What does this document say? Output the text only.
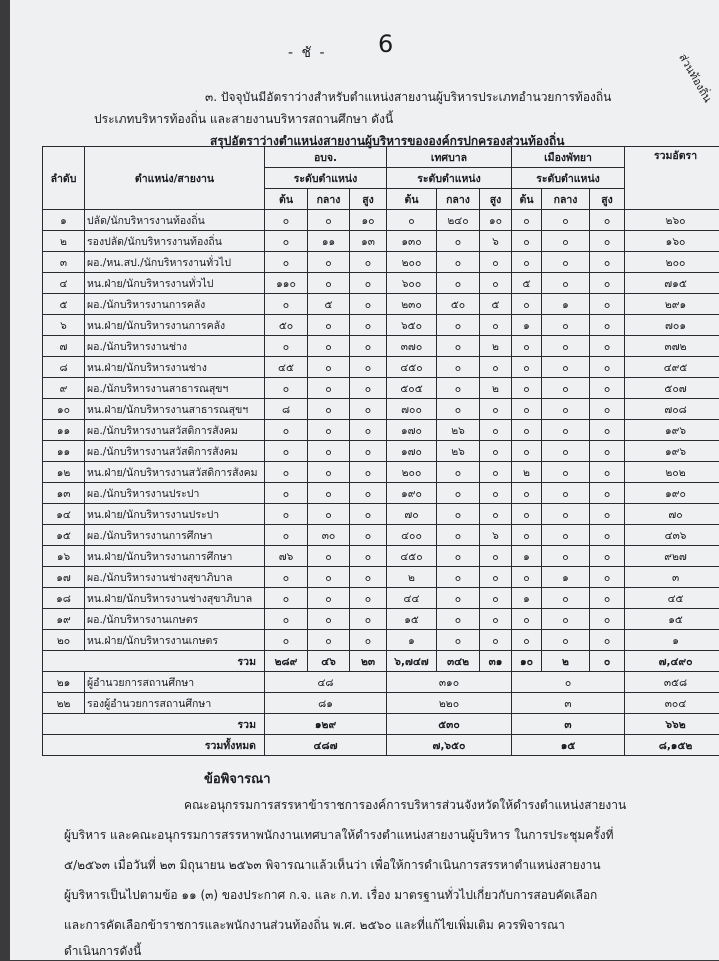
ส่วนท้องถิ่น
- ชั - 6
๓. ปัจจุบันมีอัตราว่างสำหรับตำแหน่งสายงานผู้บริหารประเภทอำนวยการท้องถิ่น
ประเภทบริหารท้องถิ่น และสายงานบริหารสถานศึกษา ดังนี้
สรุปอัตราว่างตำแหน่งสายงานผู้บริหารขององค์กรปกครองส่วนท้องถิ่น
ลำดับ	ตำแหน่ง/สายงาน	อบจ.			เทศบาล			เมืองพัทยา			รวมอัตรา
		ระดับตำแหน่ง			ระดับตำแหน่ง			ระดับตำแหน่ง			
		ต้น	กลาง	สูง	ต้น	กลาง	สูง	ต้น	กลาง	สูง	
๑	ปลัด/นักบริหารงานท้องถิ่น	๐	๐	๑๐	๐	๒๔๐	๑๐	๐	๐	๐	๒๖๐
๒	รองปลัด/นักบริหารงานท้องถิ่น	๐	๑๑	๑๓	๑๓๐	๐	๖	๐	๐	๐	๑๖๐
๓	ผอ./หน.สป./นักบริหารงานทั่วไป	๐	๐	๐	๒๐๐	๐	๐	๐	๐	๐	๒๐๐
๔	หน.ฝ่าย/นักบริหารงานทั่วไป	๑๑๐	๐	๐	๖๐๐	๐	๐	๕	๐	๐	๗๑๕
๕	ผอ./นักบริหารงานการคลัง	๐	๕	๐	๒๓๐	๕๐	๕	๐	๑	๐	๒๙๑
๖	หน.ฝ่าย/นักบริหารงานการคลัง	๕๐	๐	๐	๖๕๐	๐	๐	๑	๐	๐	๗๐๑
๗	ผอ./นักบริหารงานช่าง	๐	๐	๐	๓๗๐	๐	๒	๐	๐	๐	๓๗๒
๘	หน.ฝ่าย/นักบริหารงานช่าง	๔๕	๐	๐	๔๕๐	๐	๐	๐	๐	๐	๔๙๕
๙	ผอ./นักบริหารงานสาธารณสุขฯ	๐	๐	๐	๕๐๕	๐	๒	๐	๐	๐	๕๐๗
๑๐	หน.ฝ่าย/นักบริหารงานสาธารณสุขฯ	๘	๐	๐	๗๐๐	๐	๐	๐	๐	๐	๗๐๘
๑๑	ผอ./นักบริหารงานสวัสดิการสังคม	๐	๐	๐	๑๗๐	๒๖	๐	๐	๐	๐	๑๙๖
๑๑	ผอ./นักบริหารงานสวัสดิการสังคม	๐	๐	๐	๑๗๐	๒๖	๐	๐	๐	๐	๑๙๖
๑๒	หน.ฝ่าย/นักบริหารงานสวัสดิการสังคม	๐	๐	๐	๒๐๐	๐	๐	๒	๐	๐	๒๐๒
๑๓	ผอ./นักบริหารงานประปา	๐	๐	๐	๑๙๐	๐	๐	๐	๐	๐	๑๙๐
๑๔	หน.ฝ่าย/นักบริหารงานประปา	๐	๐	๐	๗๐	๐	๐	๐	๐	๐	๗๐
๑๕	ผอ./นักบริหารงานการศึกษา	๐	๓๐	๐	๔๐๐	๐	๖	๐	๐	๐	๔๓๖
๑๖	หน.ฝ่าย/นักบริหารงานการศึกษา	๗๖	๐	๐	๔๕๐	๐	๐	๑	๐	๐	๙๒๗
๑๗	ผอ./นักบริหารงานช่างสุขาภิบาล	๐	๐	๐	๒	๐	๐	๐	๑	๐	๓
๑๘	หน.ฝ่าย/นักบริหารงานช่างสุขาภิบาล	๐	๐	๐	๔๔	๐	๐	๑	๐	๐	๔๕
๑๙	ผอ./นักบริหารงานเกษตร	๐	๐	๐	๑๕	๐	๐	๐	๐	๐	๑๕
๒๐	หน.ฝ่าย/นักบริหารงานเกษตร	๐	๐	๐	๑	๐	๐	๐	๐	๐	๑
รวม		๒๘๙	๔๖	๒๓	๖,๗๔๗	๓๔๒	๓๑	๑๐	๒	๐	๗,๔๙๐
๒๑	ผู้อำนวยการสถานศึกษา	๔๘			๓๑๐			๐			๓๕๘
๒๒	รองผู้อำนวยการสถานศึกษา	๘๑			๒๒๐			๓			๓๐๔
รวม		๑๒๙			๕๓๐			๓			๖๖๒
รวมทั้งหมด		๔๘๗			๗,๖๕๐			๑๕			๘,๑๕๒
ข้อพิจารณา
คณะอนุกรรมการสรรหาข้าราชการองค์การบริหารส่วนจังหวัดให้ดำรงตำแหน่งสายงาน
ผู้บริหาร และคณะอนุกรรมการสรรหาพนักงานเทศบาลให้ดำรงตำแหน่งสายงานผู้บริหาร ในการประชุมครั้งที่
๕/๒๕๖๓ เมื่อวันที่ ๒๓ มิถุนายน ๒๕๖๓ พิจารณาแล้วเห็นว่า เพื่อให้การดำเนินการสรรหาตำแหน่งสายงาน
ผู้บริหารเป็นไปตามข้อ ๑๑ (๓) ของประกาศ ก.จ. และ ก.ท. เรื่อง มาตรฐานทั่วไปเกี่ยวกับการสอบคัดเลือก
และการคัดเลือกข้าราชการและพนักงานส่วนท้องถิ่น พ.ศ. ๒๕๖๐ และที่แก้ไขเพิ่มเติม ควรพิจารณา
ดำเนินการดังนี้
